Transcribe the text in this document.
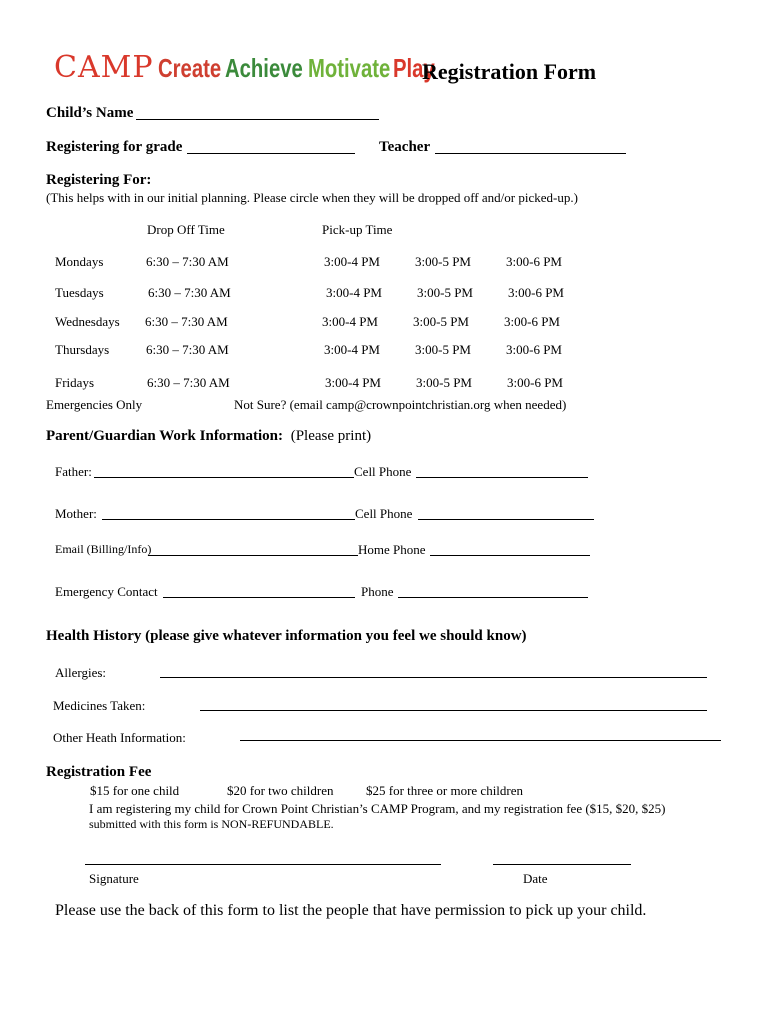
CAMP Create Achieve Motivate Play
Registration Form
Child’s Name
Registering for grade	Teacher
Registering For:
(This helps with in our initial planning. Please circle when they will be dropped off and/or picked-up.)
Drop Off Time	Pick-up Time
Mondays	6:30 – 7:30 AM	3:00-4 PM	3:00-5 PM	3:00-6 PM
Tuesdays	6:30 – 7:30 AM	3:00-4 PM	3:00-5 PM	3:00-6 PM
Wednesdays 6:30 – 7:30 AM	3:00-4 PM	3:00-5 PM	3:00-6 PM
Thursdays	6:30 – 7:30 AM	3:00-4 PM	3:00-5 PM	3:00-6 PM
Fridays	6:30 – 7:30 AM	3:00-4 PM	3:00-5 PM	3:00-6 PM
Emergencies Only	Not Sure? (email camp@crownpointchristian.org when needed)
Parent/Guardian Work Information: (Please print)
Father:	Cell Phone
Mother:	Cell Phone
Email (Billing/Info)	Home Phone
Emergency Contact	Phone
Health History (please give whatever information you feel we should know)
Allergies:
Medicines Taken:
Other Heath Information:
Registration Fee
$15 for one child	$20 for two children $25 for three or more children
I am registering my child for Crown Point Christian’s CAMP Program, and my registration fee ($15, $20, $25)
submitted with this form is NON-REFUNDABLE.
Signature	Date
Please use the back of this form to list the people that have permission to pick up your child.
